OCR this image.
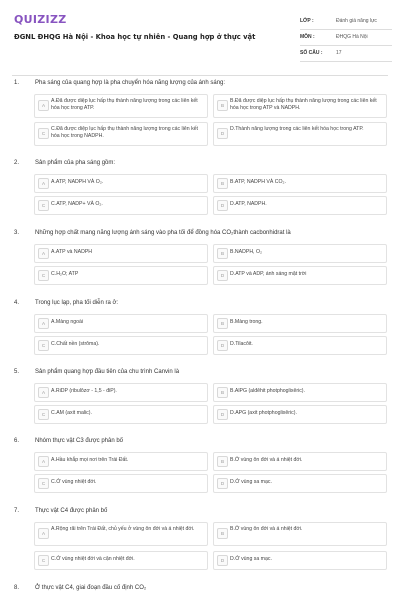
QUIZIZZ
ĐGNL ĐHQG Hà Nội - Khoa học tự nhiên - Quang hợp ở thực vật
LỚP :	Đánh giá năng lực
MÔN :	ĐHQG Hà Nội
SỐ CÂU :	17
1.	Pha sáng của quang hợp là pha chuyển hóa năng lượng của ánh sáng:
A
A.Đã được diệp lục hấp thụ thành năng lượng trong các liên kết hóa học trong ATP.	B
B.Đã được diệp lục hấp thụ thành năng lượng trong các liên kết hóa học trong ATP và NADPH.
C
C.Đã được diệp lục hấp thụ thành năng lượng trong các liên kết hóa học trong NADPH.	D
D.Thành năng lượng trong các liên kết hóa học trong ATP.
2.	Sản phẩm của pha sáng gồm:
A	A.ATP, NADPH VÀ O₂.	B	B.ATP, NADPH VÀ CO₂.
C	C.ATP, NADP+ VÀ O₂.	D	D.ATP, NADPH.
3.	Những hợp chất mang năng lượng ánh sáng vào pha tối để đồng hóa CO₂thành cacbonhidrat là
A	A.ATP và NADPH	B	B.NADPH, O₂
C	C.H₂O; ATP	D	D.ATP và ADP, ánh sáng mặt trời
4.	Trong lục lạp, pha tối diễn ra ở:
A	A.Màng ngoài	B	B.Màng trong.
C	C.Chất nền (strôma).	D	D.Tilacôit.
5.	Sản phẩm quang hợp đầu tiên của chu trình Canvin là
A	A.RiDP (ribulôzơ - 1,5 - điP).	B	B.AlPG (alđêhit photphoglixêric).
C	C.AM (axit malic).	D	D.APG (axit photphoglixêric).
6.	Nhóm thực vật C3 được phân bố
A	A.Hầu khắp mọi nơi trên Trái Đất.	B	B.Ở vùng ôn đới và á nhiệt đới.
C	C.Ở vùng nhiệt đới.	D	D.Ở vùng sa mạc.
7.	Thực vật C4 được phân bố
A
A.Rộng rãi trên Trái Đất, chủ yếu ở vùng ôn đới và á nhiệt đới.
B
B.Ở vùng ôn đới và á nhiệt đới.
C	C.Ở vùng nhiệt đới và cận nhiệt đới.	D	D.Ở vùng sa mạc.
8.	Ở thực vật C4, giai đoạn đầu cố định CO₂
